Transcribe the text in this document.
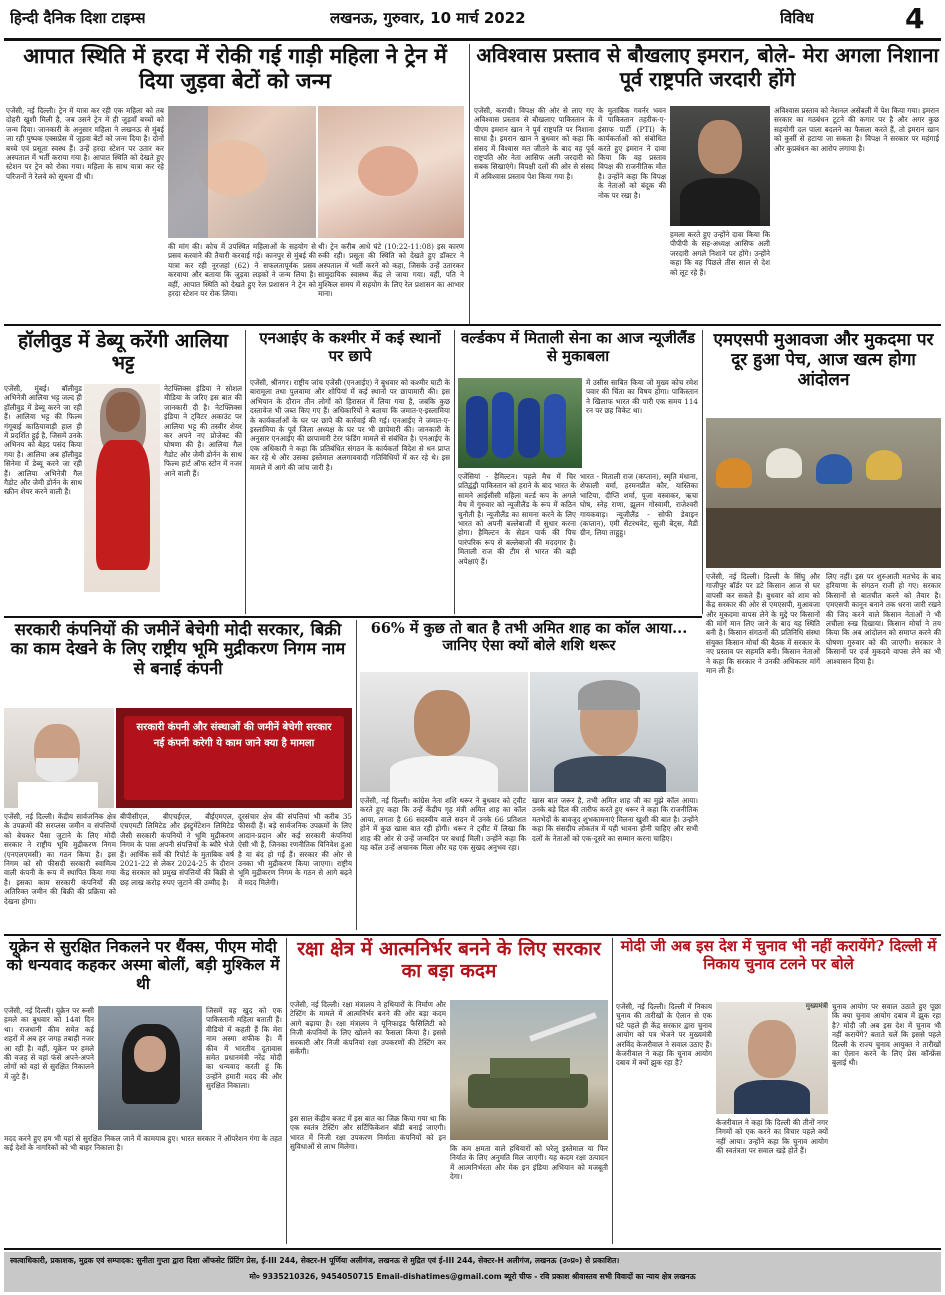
हिन्दी दैनिक दिशा टाइम्स	लखनऊ, गुरुवार, 10 मार्च 2022	विविध	4
आपात स्थिति में हरदा में रोकी गई गाड़ी महिला ने ट्रेन में दिया जुड़वा बेटों को जन्म
एजेंसी, नई दिल्ली। ट्रेन में यात्रा कर रही एक महिला को तब दोहरी खुशी मिली है, जब उसने ट्रेन में ही जुड़वाँ बच्चों को जन्म दिया। जानकारी के अनुसार महिला ने लखनऊ से मुंबई जा रही पुष्पक एक्सप्रेस में जुड़वा बेटों को जन्म दिया है। दोनों बच्चे एवं प्रसूता स्वस्थ हैं। उन्हें हरदा स्टेशन पर उतार कर अस्पताल में भर्ती कराया गया है। आपात स्थिति को देखते हुए स्टेशन पर ट्रेन को रोका गया। महिला के साथ यात्रा कर रहे परिजनों ने रेलवे को सूचना दी थी।
की मांग की। कोच में उपस्थित महिलाओं के सहयोग से प्रसव करवाने की तैयारी करवाई गई। कानपुर से मुंबई की यात्रा कर रही नूरजहां (62) ने सफलतापूर्वक प्रसव करवाया और बताया कि जुड़वा लड़कों ने जन्म लिया है। वहीं, आपात स्थिति को देखते हुए रेल प्रशासन ने ट्रेन को हरदा स्टेशन पर रोक लिया।
थी। ट्रेन करीब आधे घंटे (10:22-11:08) इस कारण रुकी रही। प्रसूता की स्थिति को देखते हुए डॉक्टर ने अस्पताल में भर्ती करने को कहा, जिसके उन्हें उतारकर सामुदायिक स्वास्थ्य केंद्र ले जाया गया। वहीं, पति ने मुश्किल समय में सहयोग के लिए रेल प्रशासन का आभार माना।
अविश्वास प्रस्ताव से बौखलाए इमरान, बोले- मेरा अगला निशाना पूर्व राष्ट्रपति जरदारी होंगे
एजेंसी, कराची। विपक्ष की ओर से लाए गए अविश्वास प्रस्ताव से बौखलाए पाकिस्तान के पीएम इमरान खान ने पूर्व राष्ट्रपति पर निशाना साधा है। इमरान खान ने बुधवार को कहा कि संसद में विश्वास मत जीतने के बाद वह पूर्व राष्ट्रपति और नेता आसिफ अली जरदारी को सबक सिखाएंगे। विपक्षी दलों की ओर से संसद में अविश्वास प्रस्ताव पेश किया गया है।
के मुताबिक गवर्नर भवन में पाकिस्तान तहरीक-ए-इंसाफ पार्टी (PTI) के कार्यकर्ताओं को संबोधित करते हुए इमरान ने दावा किया कि वह प्रस्ताव विपक्ष की राजनीतिक मौत है। उन्होंने कहा कि विपक्ष के नेताओं को बंदूक की नोक पर रखा है।
हमला करते हुए उन्होंने दावा किया कि पीपीपी के सह-अध्यक्ष आसिफ अली जरदारी अगले निशाने पर होंगे। उन्होंने कहा कि वह पिछले तीस साल से देश को लूट रहे हैं।
अविश्वास प्रस्ताव को नेशनल असेंबली में पेश किया गया। इमरान सरकार का गठबंधन टूटने की कगार पर है और अगर कुछ सहयोगी दल पाला बदलने का फैसला करते हैं, तो इमरान खान को कुर्सी से हटाया जा सकता है। विपक्ष ने सरकार पर महंगाई और कुप्रबंधन का आरोप लगाया है।
हॉलीवुड में डेब्यू करेंगी आलिया भट्ट
एजेंसी, मुंबई। बॉलीवुड अभिनेत्री आलिया भट्ट जल्द ही हॉलीवुड में डेब्यू करने जा रही हैं। आलिया भट्ट की फिल्म गंगूबाई काठियावाड़ी हाल ही में प्रदर्शित हुई है, जिसमें उनके अभिनय को बेहद पसंद किया गया है। आलिया अब हॉलीवुड सिनेमा में डेब्यू करने जा रही हैं। आलिया अभिनेत्री गैल गैडोट और जेमी डोर्नन के साथ स्क्रीन शेयर करने वाली हैं।
नेटफ्लिक्स इंडिया ने सोशल मीडिया के जरिए इस बात की जानकारी दी है। नेटफ्लिक्स इंडिया ने ट्विटर अकाउंट पर आलिया भट्ट की तस्वीर शेयर कर अपने नए प्रोजेक्ट की घोषणा की है। आलिया गैल गैडोट और जेमी डोर्नन के साथ फिल्म हार्ट ऑफ स्टोन में नजर आने वाली हैं।
एनआईए के कश्मीर में कई स्थानों पर छापे
एजेंसी, श्रीनगर। राष्ट्रीय जांच एजेंसी (एनआईए) ने बुधवार को कश्मीर घाटी के बारामूला तथा पुलवामा और शोपियां में कई स्थानों पर छापामारी की। इस अभियान के दौरान तीन लोगों को हिरासत में लिया गया है, जबकि कुछ दस्तावेज भी जब्त किए गए हैं। अधिकारियों ने बताया कि जमात-ए-इस्लामिया के कार्यकर्ताओं के घर पर छापे की कार्रवाई की गई। एनआईए ने जमात-ए-इस्लामिया के पूर्व जिला अध्यक्ष के घर पर भी छापेमारी की। जानकारी के अनुसार एनआईए की छापामारी टेरर फंडिंग मामले से संबंधित है। एनआईए के एक अधिकारी ने कहा कि प्रतिबंधित संगठन के कार्यकर्ता विदेश से धन प्राप्त कर रहे थे और उसका इस्तेमाल अलगाववादी गतिविधियों में कर रहे थे। इस मामले में आगे की जांच जारी है।
वर्ल्डकप में मिताली सेना का आज न्यूजीलैंड से मुकाबला
में उसीस साबित किया जो मुख्य कोच रमेश पवार की चिंता का विषय होगा। पाकिस्तान ने खिलाफ भारत की पारी एक समय 114 रन पर छह विकेट था।
एजेंसियां - हैमिल्टन। पहले मैच में चिर प्रतिद्वंद्वी पाकिस्तान को हराने के बाद भारत के सामने आईसीसी महिला वर्ल्ड कप के अगले मैच में गुरुवार को न्यूजीलैंड के रूप में कठिन चुनौती है। न्यूजीलैंड का सामना करने के लिए भारत को अपनी बल्लेबाजी में सुधार करना होगा। हैमिल्टन के सेडन पार्क की पिच पारंपरिक रूप से बल्लेबाजों की मददगार है। मिताली राज की टीम से भारत की बड़ी अपेक्षाएं हैं।
भारत - मिताली राज (कप्तान), स्मृति मंधाना, शेफाली वर्मा, हरमनप्रीत कौर, यास्तिका भाटिया, दीप्ति शर्मा, पूजा वस्त्राकर, ऋचा घोष, स्नेह राणा, झूलन गोस्वामी, राजेश्वरी गायकवाड़। न्यूजीलैंड - सोफी डेवाइन (कप्तान), एमी सैटरथवेट, सूजी बेट्स, मैडी ग्रीन, लिया ताहुहु।
एमएसपी मुआवजा और मुकदमा पर दूर हुआ पेच, आज खत्म होगा आंदोलन
एजेंसी, नई दिल्ली। दिल्ली के सिंघु और गाजीपुर बॉर्डर पर डटे किसान आज से घर वापसी कर सकते हैं। बुधवार को शाम को केंद्र सरकार की ओर से एमएसपी, मुआवजा और मुकदमा वापस लेने के मुद्दे पर किसानों की मांगें मान लिए जाने के बाद यह स्थिति बनी है। किसान संगठनों की प्रतिनिधि संस्था संयुक्त किसान मोर्चा की बैठक में सरकार के नए प्रस्ताव पर सहमति बनी। किसान नेताओं ने कहा कि सरकार ने उनकी अधिकतर मांगें मान ली हैं।
लिए नहीं। इस पर शुरुआती मतभेद के बाद हरियाणा के संगठन राजी हो गए। सरकार किसानों से बातचीत करने को तैयार है। एमएसपी कानून बनाने तक धरना जारी रखने की जिद करने वाले किसान नेताओं ने भी लचीला रुख दिखाया। किसान मोर्चा ने तय किया कि अब आंदोलन को समाप्त करने की घोषणा गुरुवार को की जाएगी। सरकार ने किसानों पर दर्ज मुकदमे वापस लेने का भी आश्वासन दिया है।
सरकारी कंपनियों की जमीनें बेचेगी मोदी सरकार, बिक्री का काम देखने के लिए राष्ट्रीय भूमि मुद्रीकरण निगम नाम से बनाई कंपनी
सरकारी कंपनी और संस्थाओं की जमीनें बेचेगी सरकार नई कंपनी करेगी ये काम जाने क्या है मामला
एजेंसी, नई दिल्ली। केंद्रीय सार्वजनिक क्षेत्र के उपक्रमों की सरप्लस जमीन व संपत्तियों को बेचकर पैसा जुटाने के लिए मोदी सरकार ने राष्ट्रीय भूमि मुद्रीकरण निगम (एनएलएमसी) का गठन किया है। इस निगम को सौ फीसदी सरकारी स्वामित्व वाली कंपनी के रूप में स्थापित किया गया है। इसका काम सरकारी कंपनियों की अतिरिक्त जमीन की बिक्री की प्रक्रिया को देखना होगा।
बीपीसीएल, बीएचईएल, बीईएमएल, एचएमटी लिमिटेड और इंस्ट्रूमेंटेशन लिमिटेड जैसी सरकारी कंपनियों ने भूमि मुद्रीकरण निगम के पास अपनी संपत्तियों के ब्यौरे भेजे हैं। आर्थिक सर्वे की रिपोर्ट के मुताबिक वर्ष 2021-22 से लेकर 2024-25 के दौरान केंद्र सरकार को प्रमुख संपत्तियों की बिक्री से छह लाख करोड़ रुपए जुटाने की उम्मीद है।
दूरसंचार क्षेत्र की संपत्तियां भी करीब 35 फीसदी हैं। बड़े सार्वजनिक उपक्रमों के लिए आदान-प्रदान और कई सरकारी कंपनियां ऐसी भी हैं, जिनका रणनीतिक विनिवेश हुआ है या बंद हो गई हैं। सरकार की ओर से उनका भी मुद्रीकरण किया जाएगा। राष्ट्रीय भूमि मुद्रीकरण निगम के गठन से आगे बढ़ने में मदद मिलेगी।
66% में कुछ तो बात है तभी अमित शाह का कॉल आया... जानिए ऐसा क्यों बोले शशि थरूर
एजेंसी, नई दिल्ली। कांग्रेस नेता शशि थरूर ने बुधवार को ट्वीट करते हुए कहा कि उन्हें केंद्रीय गृह मंत्री अमित शाह का कॉल आया, लगता है 66 सदस्यीय वाले सदन में उनके 66 प्रतिशत होने में कुछ खास बात रही होगी। थरूर ने ट्वीट में लिखा कि शाह की ओर से उन्हें जन्मदिन पर बधाई मिली। उन्होंने कहा कि यह कॉल उन्हें अचानक मिला और यह एक सुखद अनुभव रहा।
खास बात जरूर है, तभी अमित शाह जी का मुझे कॉल आया। उनके बड़े दिल की तारीफ करते हुए थरूर ने कहा कि राजनीतिक मतभेदों के बावजूद शुभकामनाएं मिलना खुशी की बात है। उन्होंने कहा कि संसदीय लोकतंत्र में यही भावना होनी चाहिए और सभी दलों के नेताओं को एक-दूसरे का सम्मान करना चाहिए।
यूक्रेन से सुरक्षित निकलने पर थैंक्स, पीएम मोदी को धन्यवाद कहकर अस्मा बोलीं, बड़ी मुश्किल में थी
एजेंसी, नई दिल्ली। यूक्रेन पर रूसी हमले का बुधवार को 14वां दिन था। राजधानी कीव समेत कई शहरों में अब हर जगह तबाही नजर आ रही है। वहीं, यूक्रेन पर हमले की वजह से वहां फंसे अपने-अपने लोगों को वहां से सुरक्षित निकालने में जुटे हैं।
जिसमें वह खुद को एक पाकिस्तानी महिला बताती हैं। वीडियो में कहती हैं कि मेरा नाम अस्मा शफीक है। मैं कीव में भारतीय दूतावास समेत प्रधानमंत्री नरेंद्र मोदी का धन्यवाद करती हूं कि उन्होंने हमारी मदद की और सुरक्षित निकाला।
मदद करने हुए हम भी यहां से सुरक्षित निकल जाने में कामयाब हुए। भारत सरकार ने ऑपरेशन गंगा के तहत कई देशों के नागरिकों को भी बाहर निकाला है।
रक्षा क्षेत्र में आत्मनिर्भर बनने के लिए सरकार का बड़ा कदम
एजेंसी, नई दिल्ली। रक्षा मंत्रालय ने हथियारों के निर्माण और टेस्टिंग के मामले में आत्मनिर्भर बनने की ओर बड़ा कदम आगे बढ़ाया है। रक्षा मंत्रालय ने यूनिफाइड फैसिलिटी को निजी कंपनियों के लिए खोलने का फैसला किया है। इससे सरकारी और निजी कंपनियां रक्षा उपकरणों की टेस्टिंग कर सकेंगी।
इस साल केंद्रीय बजट में इस बात का जिक्र किया गया था कि एक स्वतंत्र टेस्टिंग और सर्टिफिकेशन बॉडी बनाई जाएगी। भारत में निजी रक्षा उपकरण निर्माता कंपनियों को इन सुविधाओं से लाभ मिलेगा।	कि कम क्षमता वाले हथियारों को घरेलू इस्तेमाल या फिर निर्यात के लिए अनुमति मिल जाएगी। यह कदम रक्षा उत्पादन में आत्मनिर्भरता और मेक इन इंडिया अभियान को मजबूती देगा।
मोदी जी अब इस देश में चुनाव भी नहीं करायेंगे? दिल्ली में निकाय चुनाव टलने पर बोले
एजेंसी, नई दिल्ली। दिल्ली में निकाय चुनाव की तारीखों के ऐलान से एक घंटे पहले ही केंद्र सरकार द्वारा चुनाव आयोग को पत्र भेजने पर मुख्यमंत्री अरविंद केजरीवाल ने सवाल उठाए हैं। केजरीवाल ने कहा कि चुनाव आयोग दबाव में क्यों झुक रहा है?
मुख्यमंत्री
केजरीवाल ने कहा कि दिल्ली की तीनों नगर निगमों को एक करने का विचार पहले क्यों नहीं आया। उन्होंने कहा कि चुनाव आयोग की स्वतंत्रता पर सवाल खड़े होते हैं।
चुनाव आयोग पर सवाल उठाते हुए पूछा कि क्या चुनाव आयोग दबाव में झुक रहा है? मोदी जी अब इस देश में चुनाव भी नहीं करायेंगे? बताते चलें कि इससे पहले दिल्ली के राज्य चुनाव आयुक्त ने तारीखों का ऐलान करने के लिए प्रेस कॉन्फ्रेंस बुलाई थी।
स्वत्वाधिकारी, प्रकाशक, मुद्रक एवं सम्पादक: सुनीता गुप्ता द्वारा दिशा ऑफसेट प्रिंटिंग प्रेस, ई-III 244, सेक्टर-H पूर्णिया अलीगंज, लखनऊ से मुद्रित एवं ई-III 244, सेक्टर-H अलीगंज, लखनऊ (उ०प्र०) से प्रकाशित।
मो० 9335210326, 9454050715 Email-dishatimes@gmail.com ब्यूरो चीफ - रवि प्रकाश श्रीवास्तव सभी विवादों का न्याय क्षेत्र लखनऊ
